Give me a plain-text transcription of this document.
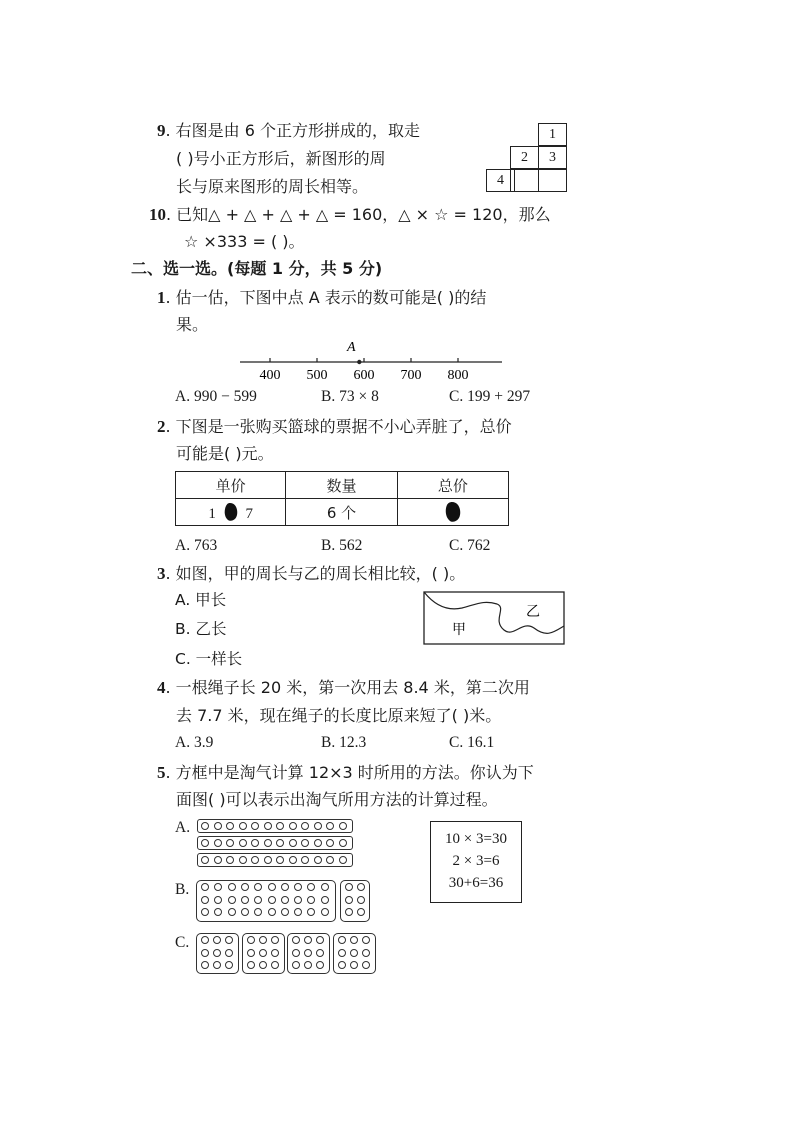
9. 右图是由 6 个正方形拼成的，取走
( )号小正方形后，新图形的周
长与原来图形的周长相等。
1
2	3
4
10. 已知△ + △ + △ + △ = 160，△ × ☆ = 120，那么
☆ ×333 = ( )。
二、选一选。(每题 1 分，共 5 分)
1. 估一估，下图中点 A 表示的数可能是( )的结
果。
400 500 600 700 800
A
A. 990 − 599	B. 73 × 8	C. 199 + 297
2. 下图是一张购买篮球的票据不小心弄脏了，总价
可能是( )元。
单价	数量	总价
1 7	6 个	
A. 763	B. 562	C. 762
3. 如图，甲的周长与乙的周长相比较，( )。
A. 甲长
B. 乙长
C. 一样长
甲
乙
4. 一根绳子长 20 米，第一次用去 8.4 米，第二次用
去 7.7 米，现在绳子的长度比原来短了( )米。
A. 3.9	B. 12.3	C. 16.1
5. 方框中是淘气计算 12×3 时所用的方法。你认为下
面图( )可以表示出淘气所用方法的计算过程。
A.
B.
C.
10 × 3=30
2 × 3=6
30+6=36
